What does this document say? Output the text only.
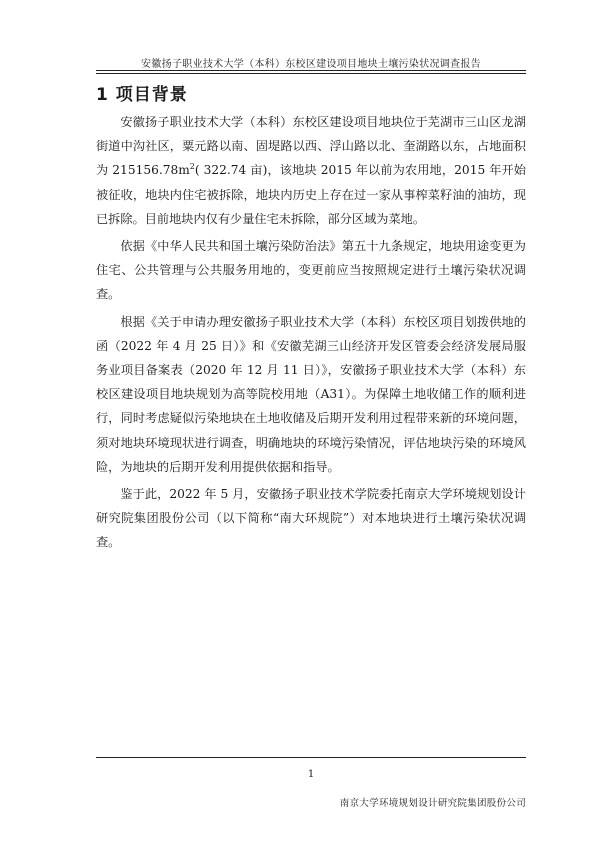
安徽扬子职业技术大学（本科）东校区建设项目地块土壤污染状况调查报告
1 项目背景

安徽扬子职业技术大学（本科）东校区建设项目地块位于芜湖市三山区龙湖街道中沟社区，粟元路以南、固堤路以西、浮山路以北、奎湖路以东，占地面积为 $215156.78m^2$( 322.74 亩)，该地块 2015 年以前为农用地，2015 年开始被征收，地块内住宅被拆除，地块内历史上存在过一家从事榨菜籽油的油坊，现已拆除。目前地块内仅有少量住宅未拆除，部分区域为菜地。

依据《中华人民共和国土壤污染防治法》第五十九条规定，地块用途变更为住宅、公共管理与公共服务用地的，变更前应当按照规定进行土壤污染状况调查。

根据《关于申请办理安徽扬子职业技术大学（本科）东校区项目划拨供地的函（2022 年 4 月 25 日）》和《安徽芜湖三山经济开发区管委会经济发展局服务业项目备案表（2020 年 12 月 11 日）》，安徽扬子职业技术大学（本科）东校区建设项目地块规划为高等院校用地（A31）。为保障土地收储工作的顺利进行，同时考虑疑似污染地块在土地收储及后期开发利用过程带来新的环境问题，须对地块环境现状进行调查，明确地块的环境污染情况，评估地块污染的环境风险，为地块的后期开发利用提供依据和指导。

鉴于此，2022 年 5 月，安徽扬子职业技术学院委托南京大学环境规划设计研究院集团股份公司（以下简称“南大环规院”）对本地块进行土壤污染状况调查。

1
南京大学环境规划设计研究院集团股份公司
